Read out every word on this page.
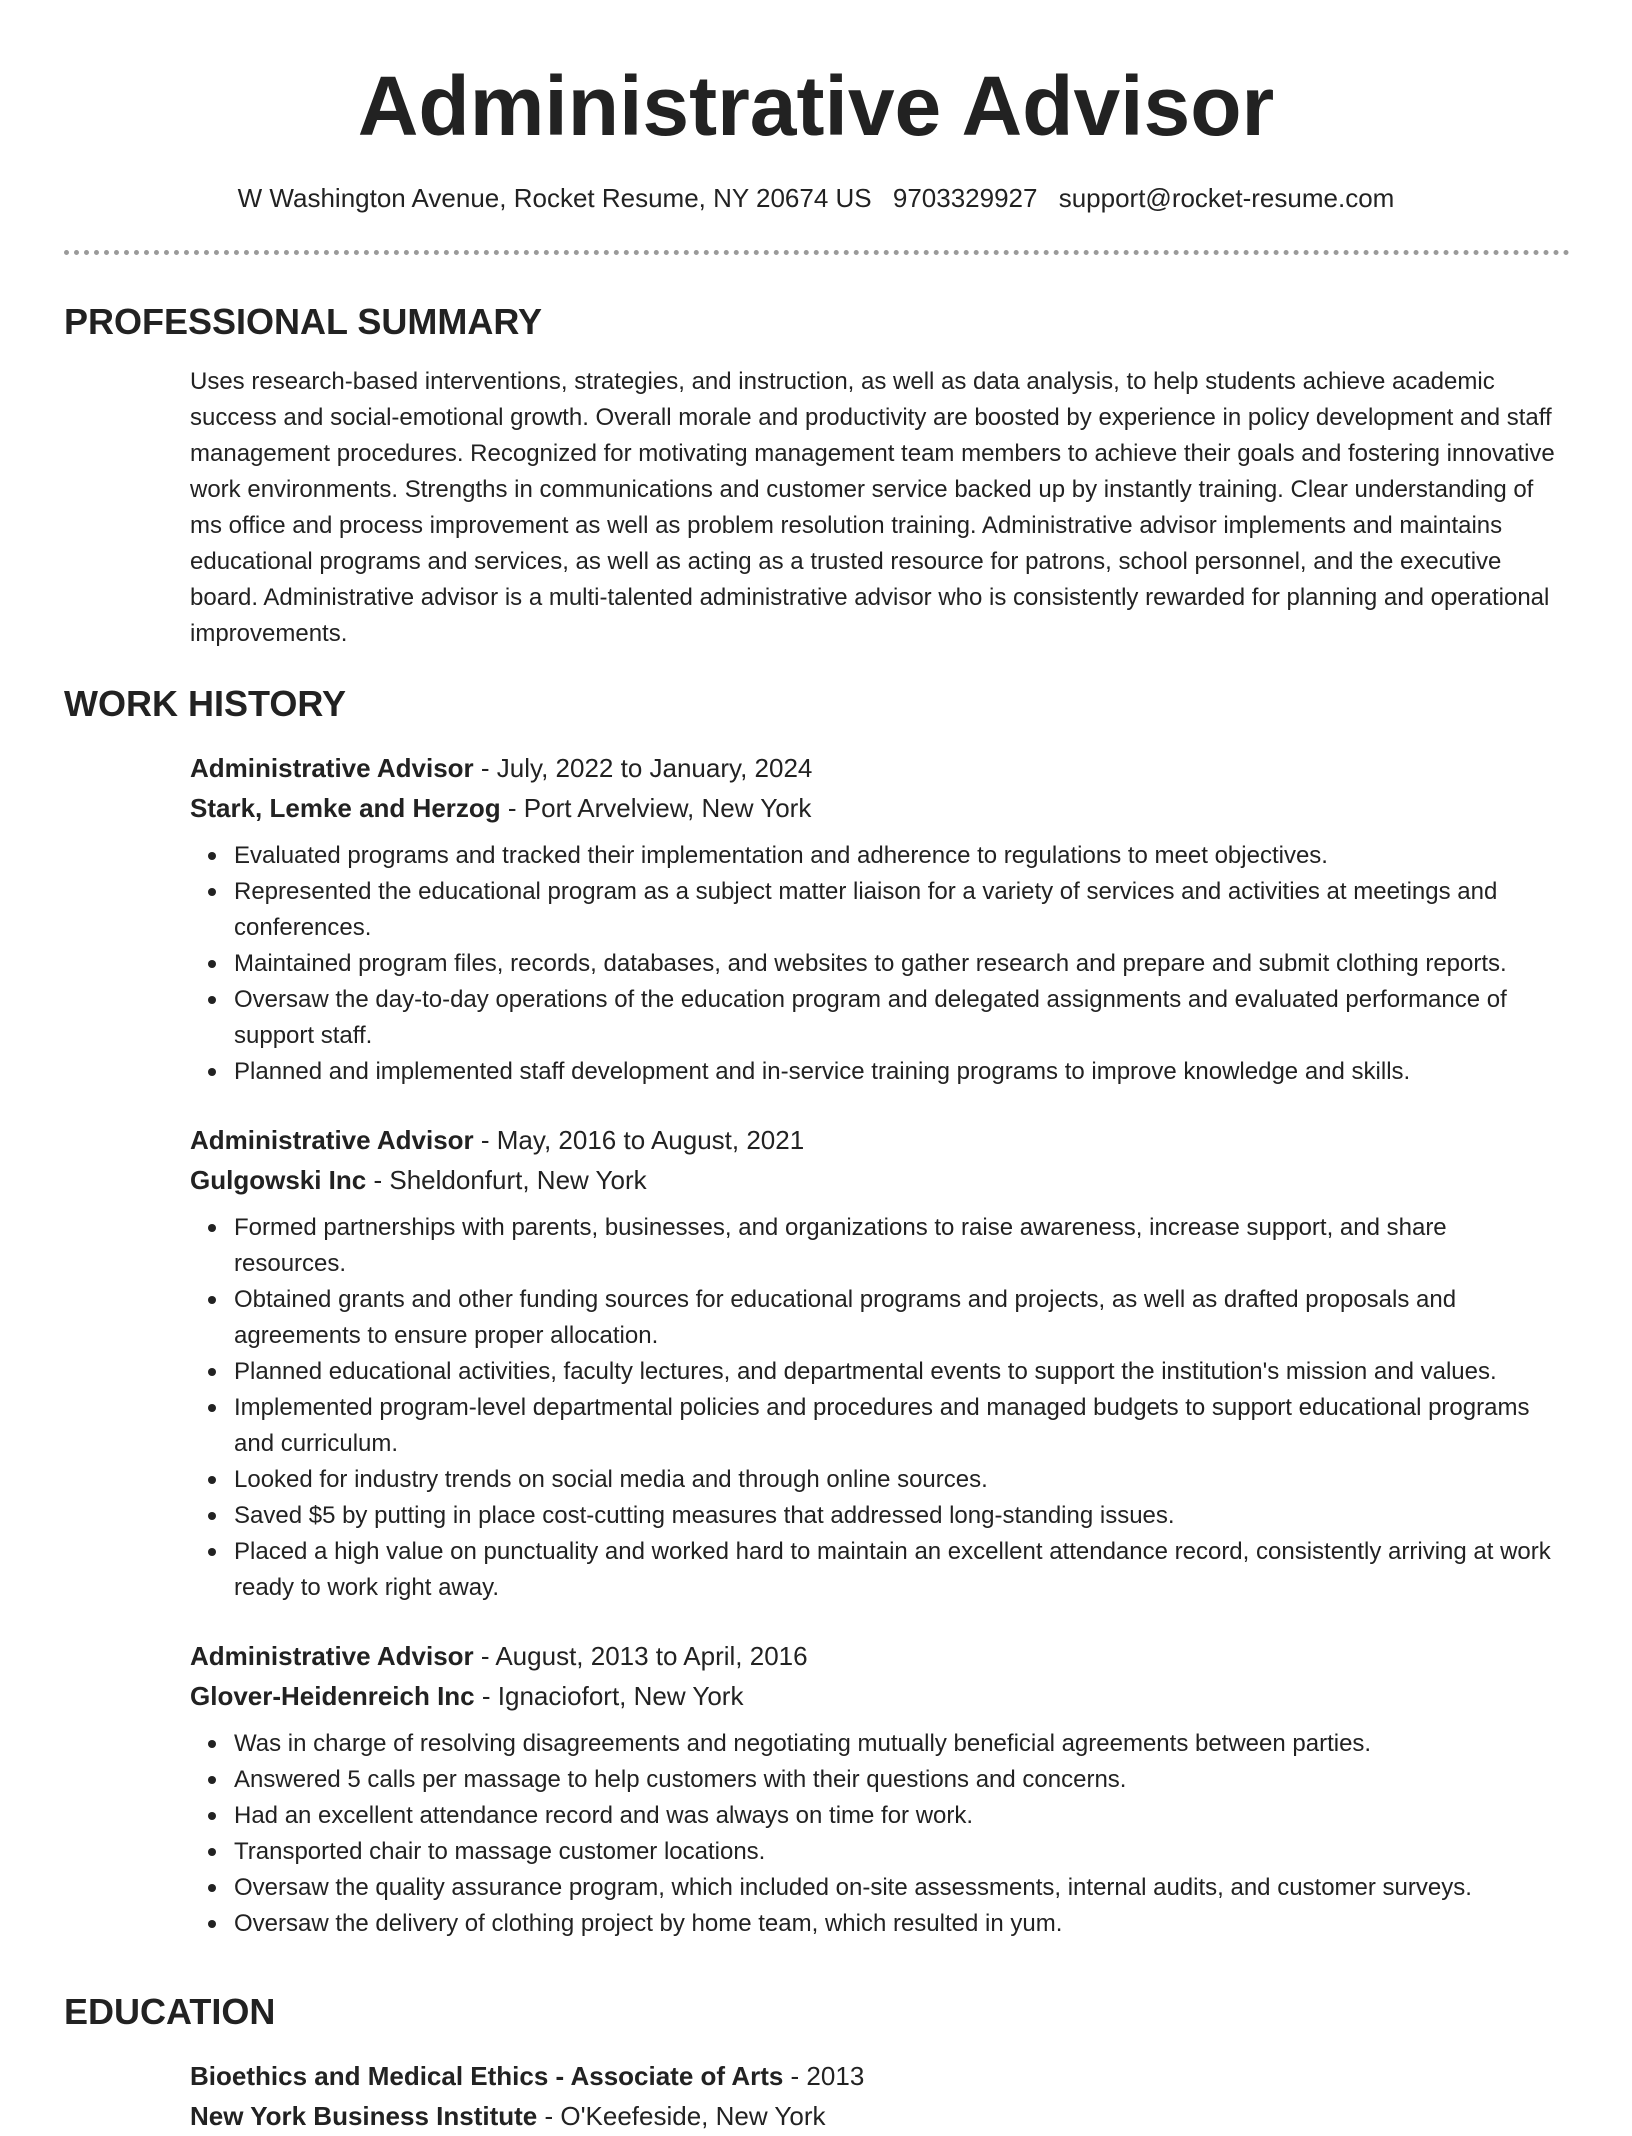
Administrative Advisor
W Washington Avenue, Rocket Resume, NY 20674 US 9703329927 support@rocket-resume.com
PROFESSIONAL SUMMARY

Uses research-based interventions, strategies, and instruction, as well as data analysis, to help students achieve academic success and social-emotional growth. Overall morale and productivity are boosted by experience in policy development and staff management procedures. Recognized for motivating management team members to achieve their goals and fostering innovative work environments. Strengths in communications and customer service backed up by instantly training. Clear understanding of ms office and process improvement as well as problem resolution training. Administrative advisor implements and maintains educational programs and services, as well as acting as a trusted resource for patrons, school personnel, and the executive board. Administrative advisor is a multi-talented administrative advisor who is consistently rewarded for planning and operational improvements.

WORK HISTORY
Administrative Advisor - July, 2022 to January, 2024
Stark, Lemke and Herzog - Port Arvelview, New York
Evaluated programs and tracked their implementation and adherence to regulations to meet objectives.
Represented the educational program as a subject matter liaison for a variety of services and activities at meetings and conferences.
Maintained program files, records, databases, and websites to gather research and prepare and submit clothing reports.
Oversaw the day-to-day operations of the education program and delegated assignments and evaluated performance of support staff.
Planned and implemented staff development and in-service training programs to improve knowledge and skills.
Administrative Advisor - May, 2016 to August, 2021
Gulgowski Inc - Sheldonfurt, New York
Formed partnerships with parents, businesses, and organizations to raise awareness, increase support, and share resources.
Obtained grants and other funding sources for educational programs and projects, as well as drafted proposals and agreements to ensure proper allocation.
Planned educational activities, faculty lectures, and departmental events to support the institution's mission and values.
Implemented program-level departmental policies and procedures and managed budgets to support educational programs and curriculum.
Looked for industry trends on social media and through online sources.
Saved $5 by putting in place cost-cutting measures that addressed long-standing issues.
Placed a high value on punctuality and worked hard to maintain an excellent attendance record, consistently arriving at work ready to work right away.
Administrative Advisor - August, 2013 to April, 2016
Glover-Heidenreich Inc - Ignaciofort, New York
Was in charge of resolving disagreements and negotiating mutually beneficial agreements between parties.
Answered 5 calls per massage to help customers with their questions and concerns.
Had an excellent attendance record and was always on time for work.
Transported chair to massage customer locations.
Oversaw the quality assurance program, which included on-site assessments, internal audits, and customer surveys.
Oversaw the delivery of clothing project by home team, which resulted in yum.
EDUCATION
Bioethics and Medical Ethics - Associate of Arts - 2013
New York Business Institute - O'Keefeside, New York
